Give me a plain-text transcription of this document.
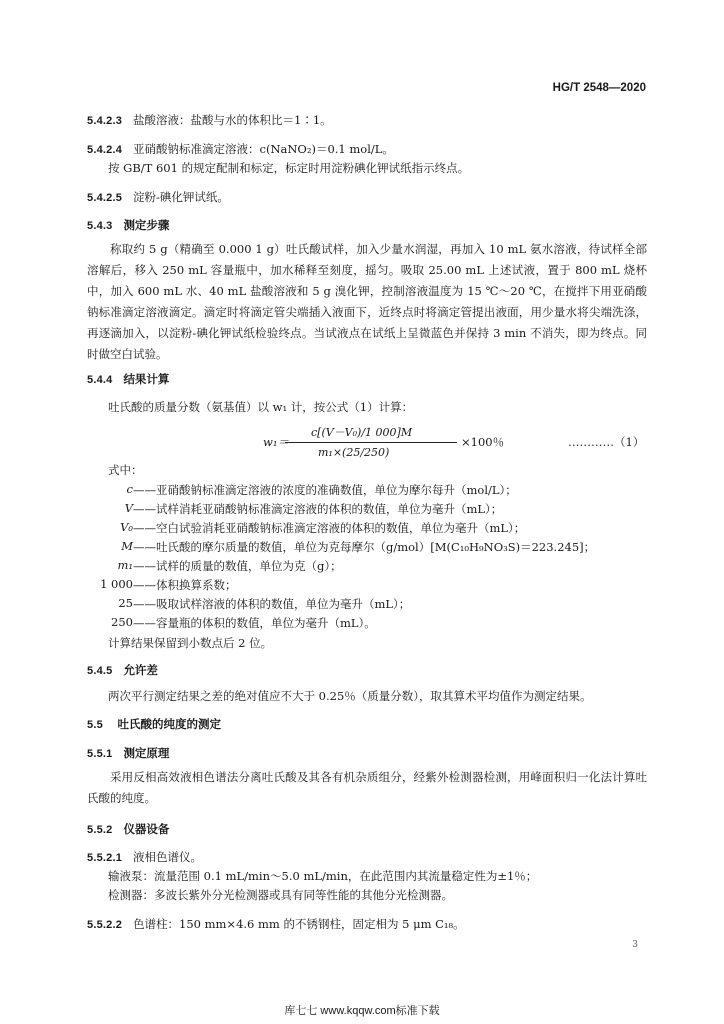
HG/T 2548—2020
5.4.2.3 盐酸溶液：盐酸与水的体积比＝1∶1。
5.4.2.4 亚硝酸钠标准滴定溶液：c(NaNO₂)＝0.1 mol/L。
按 GB/T 601 的规定配制和标定，标定时用淀粉碘化钾试纸指示终点。
5.4.2.5 淀粉-碘化钾试纸。
5.4.3 测定步骤
称取约 5 g（精确至 0.000 1 g）吐氏酸试样，加入少量水润湿，再加入 10 mL 氨水溶液，待试样全部溶解后，移入 250 mL 容量瓶中，加水稀释至刻度，摇匀。吸取 25.00 mL 上述试液，置于 800 mL 烧杯中，加入 600 mL 水、40 mL 盐酸溶液和 5 g 溴化钾，控制溶液温度为 15 ℃～20 ℃，在搅拌下用亚硝酸钠标准滴定溶液滴定。滴定时将滴定管尖端插入液面下，近终点时将滴定管提出液面，用少量水将尖端洗涤，再逐滴加入，以淀粉-碘化钾试纸检验终点。当试液点在试纸上呈微蓝色并保持 3 min 不消失，即为终点。同时做空白试验。
5.4.4 结果计算
吐氏酸的质量分数（氨基值）以 w₁ 计，按公式（1）计算：
w₁＝
c[(V－V₀)/1 000]M
m₁×(25/250)
×100％	…………（1）
式中：
c ——亚硝酸钠标准滴定溶液的浓度的准确数值，单位为摩尔每升（mol/L）；
V ——试样消耗亚硝酸钠标准滴定溶液的体积的数值，单位为毫升（mL）；
V₀ ——空白试验消耗亚硝酸钠标准滴定溶液的体积的数值，单位为毫升（mL）；
M ——吐氏酸的摩尔质量的数值，单位为克每摩尔（g/mol）[M(C₁₀H₉NO₃S)＝223.245]；
m₁ ——试样的质量的数值，单位为克（g）；
1 000 ——体积换算系数；
25 ——吸取试样溶液的体积的数值，单位为毫升（mL）；
250 ——容量瓶的体积的数值，单位为毫升（mL）。
计算结果保留到小数点后 2 位。
5.4.5 允许差
两次平行测定结果之差的绝对值应不大于 0.25％（质量分数），取其算术平均值作为测定结果。
5.5 吐氏酸的纯度的测定
5.5.1 测定原理
采用反相高效液相色谱法分离吐氏酸及其各有机杂质组分，经紫外检测器检测，用峰面积归一化法计算吐氏酸的纯度。
5.5.2 仪器设备
5.5.2.1 液相色谱仪。
输液泵：流量范围 0.1 mL/min～5.0 mL/min，在此范围内其流量稳定性为±1％；
检测器：多波长紫外分光检测器或具有同等性能的其他分光检测器。
5.5.2.2 色谱柱：150 mm×4.6 mm 的不锈钢柱，固定相为 5 μm C₁₈。
3
库七七 www.kqqw.com标准下载
